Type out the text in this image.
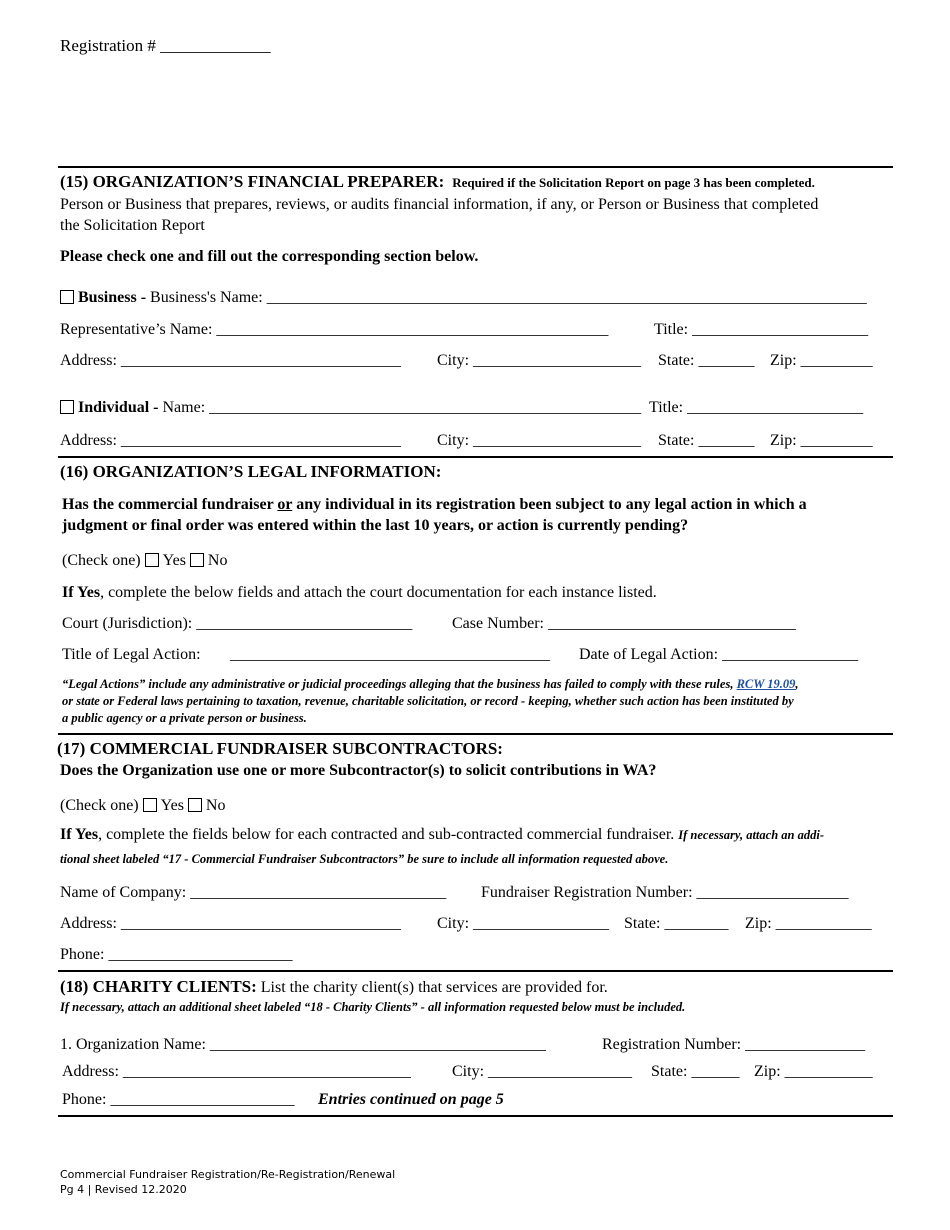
Registration # _____________
(15) ORGANIZATION’S FINANCIAL PREPARER: Required if the Solicitation Report on page 3 has been completed.
Person or Business that prepares, reviews, or audits financial information, if any, or Person or Business that completed
the Solicitation Report
Please check one and fill out the corresponding section below.
Business - Business's Name: ___________________________________________________________________________
Representative’s Name: _________________________________________________	Title: ______________________
Address: ___________________________________ City: _____________________ State: _______ Zip: _________
Individual - Name: ______________________________________________________ Title: ______________________
Address: ___________________________________ City: _____________________ State: _______ Zip: _________
(16) ORGANIZATION’S LEGAL INFORMATION:
Has the commercial fundraiser or any individual in its registration been subject to any legal action in which a
judgment or final order was entered within the last 10 years, or action is currently pending?
(Check one) Yes No
If Yes, complete the below fields and attach the court documentation for each instance listed.
Court (Jurisdiction): ___________________________ Case Number: _______________________________
Title of Legal Action: ________________________________________ Date of Legal Action: _________________
“Legal Actions” include any administrative or judicial proceedings alleging that the business has failed to comply with these rules, RCW 19.09,
or state or Federal laws pertaining to taxation, revenue, charitable solicitation, or record - keeping, whether such action has been instituted by
a public agency or a private person or business.
(17) COMMERCIAL FUNDRAISER SUBCONTRACTORS:
Does the Organization use one or more Subcontractor(s) to solicit contributions in WA?
(Check one) Yes No
If Yes, complete the fields below for each contracted and sub-contracted commercial fundraiser. If necessary, attach an addi-
tional sheet labeled “17 - Commercial Fundraiser Subcontractors” be sure to include all information requested above.
Name of Company: ________________________________ Fundraiser Registration Number: ___________________
Address: ___________________________________ City: _________________ State: ________ Zip: ____________
Phone: _______________________
(18) CHARITY CLIENTS: List the charity client(s) that services are provided for.
If necessary, attach an additional sheet labeled “18 - Charity Clients” - all information requested below must be included.
1. Organization Name: __________________________________________	Registration Number: _______________
Address: ____________________________________	City: __________________ State: ______ Zip: ___________
Phone: _______________________ Entries continued on page 5
Commercial Fundraiser Registration/Re-Registration/Renewal
Pg 4 | Revised 12.2020
